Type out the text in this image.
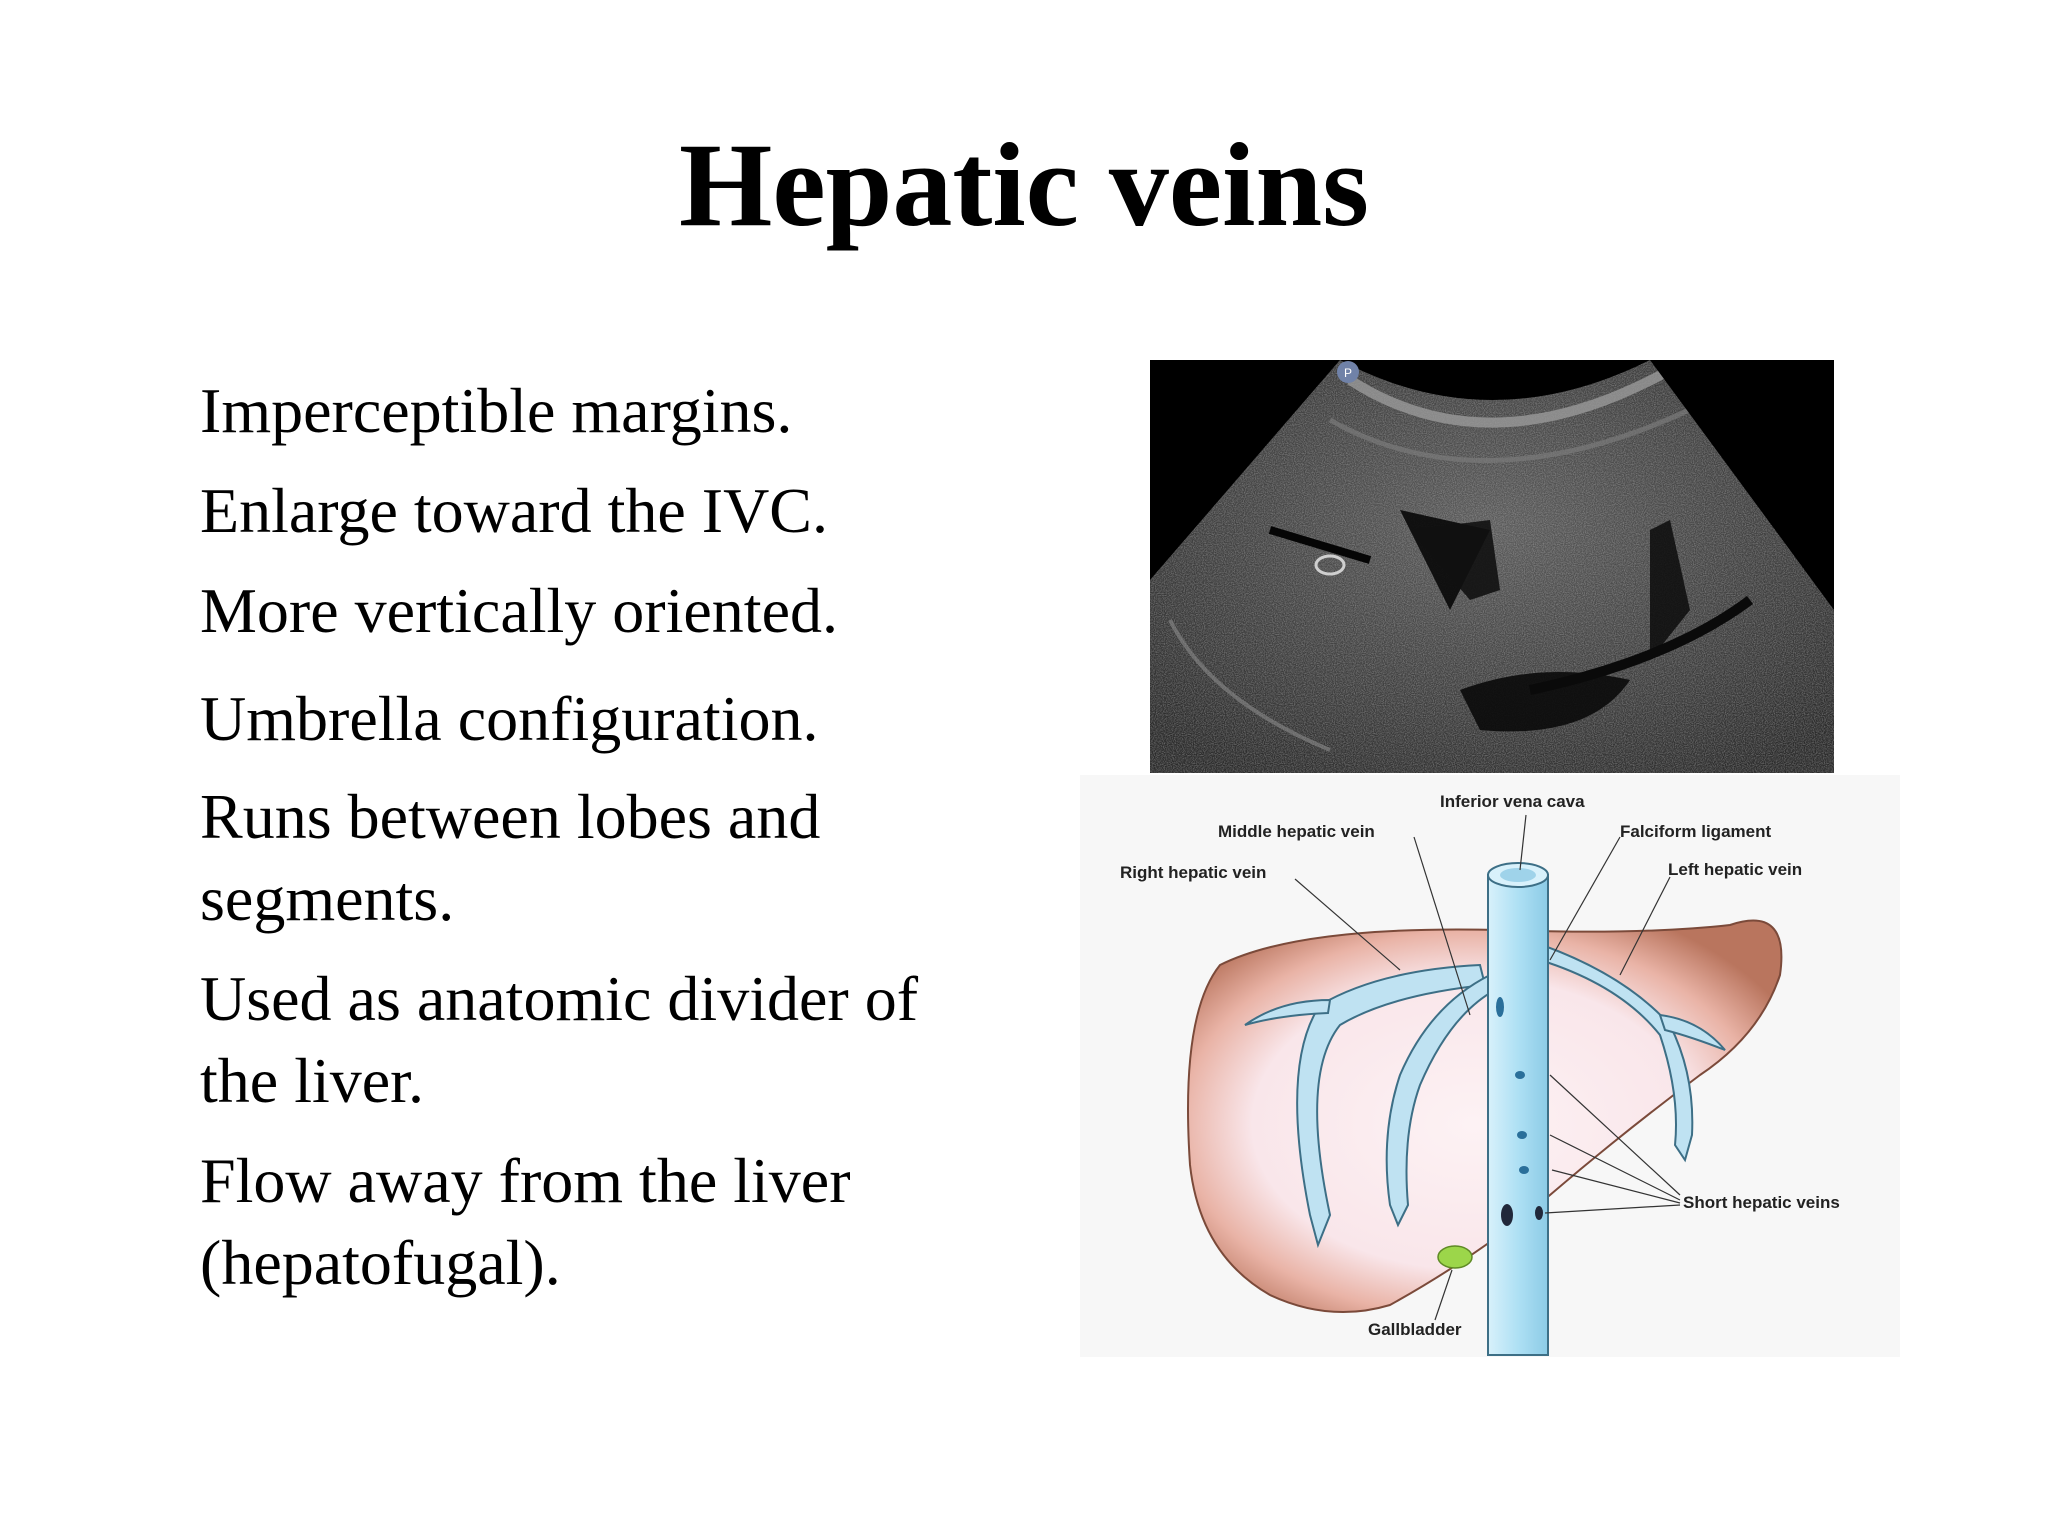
Hepatic veins
Imperceptible margins.
Enlarge toward the IVC.
More vertically oriented.
Umbrella configuration.
Runs between lobes and
segments.
Used as anatomic divider of
the liver.
Flow away from the liver
(hepatofugal).
P
Inferior vena cava
Middle hepatic vein	Falciform ligament
Right hepatic vein	Left hepatic vein
Short hepatic veins
Gallbladder
